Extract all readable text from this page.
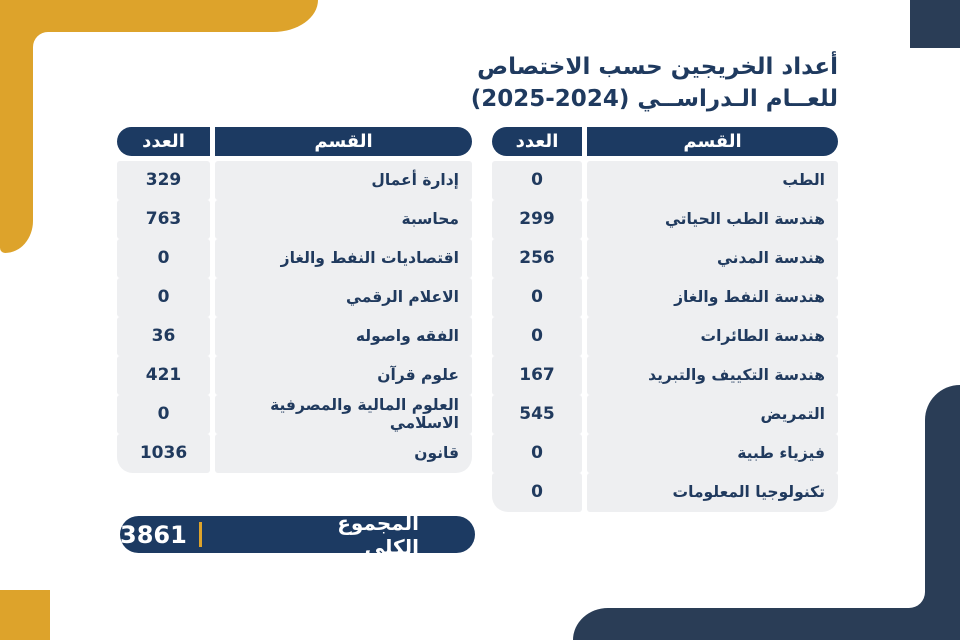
أعداد الخريجين حسب الاختصاص
للعــام الـدراســي (2025-2024)
القسم
العدد
الطب
0
هندسة الطب الحياتي
299
هندسة المدني
256
هندسة النفط والغاز
0
هندسة الطائرات
0
هندسة التكييف والتبريد
167
التمريض
545
فيزياء طبية
0
تكنولوجيا المعلومات
0
القسم
العدد
إدارة أعمال
329
محاسبة
763
اقتصاديات النفط والغاز
0
الاعلام الرقمي
0
الفقه واصوله
36
علوم قرآن
421
العلوم المالية والمصرفية الاسلامي
0
قانون
1036
المجموع الكلي
3861
